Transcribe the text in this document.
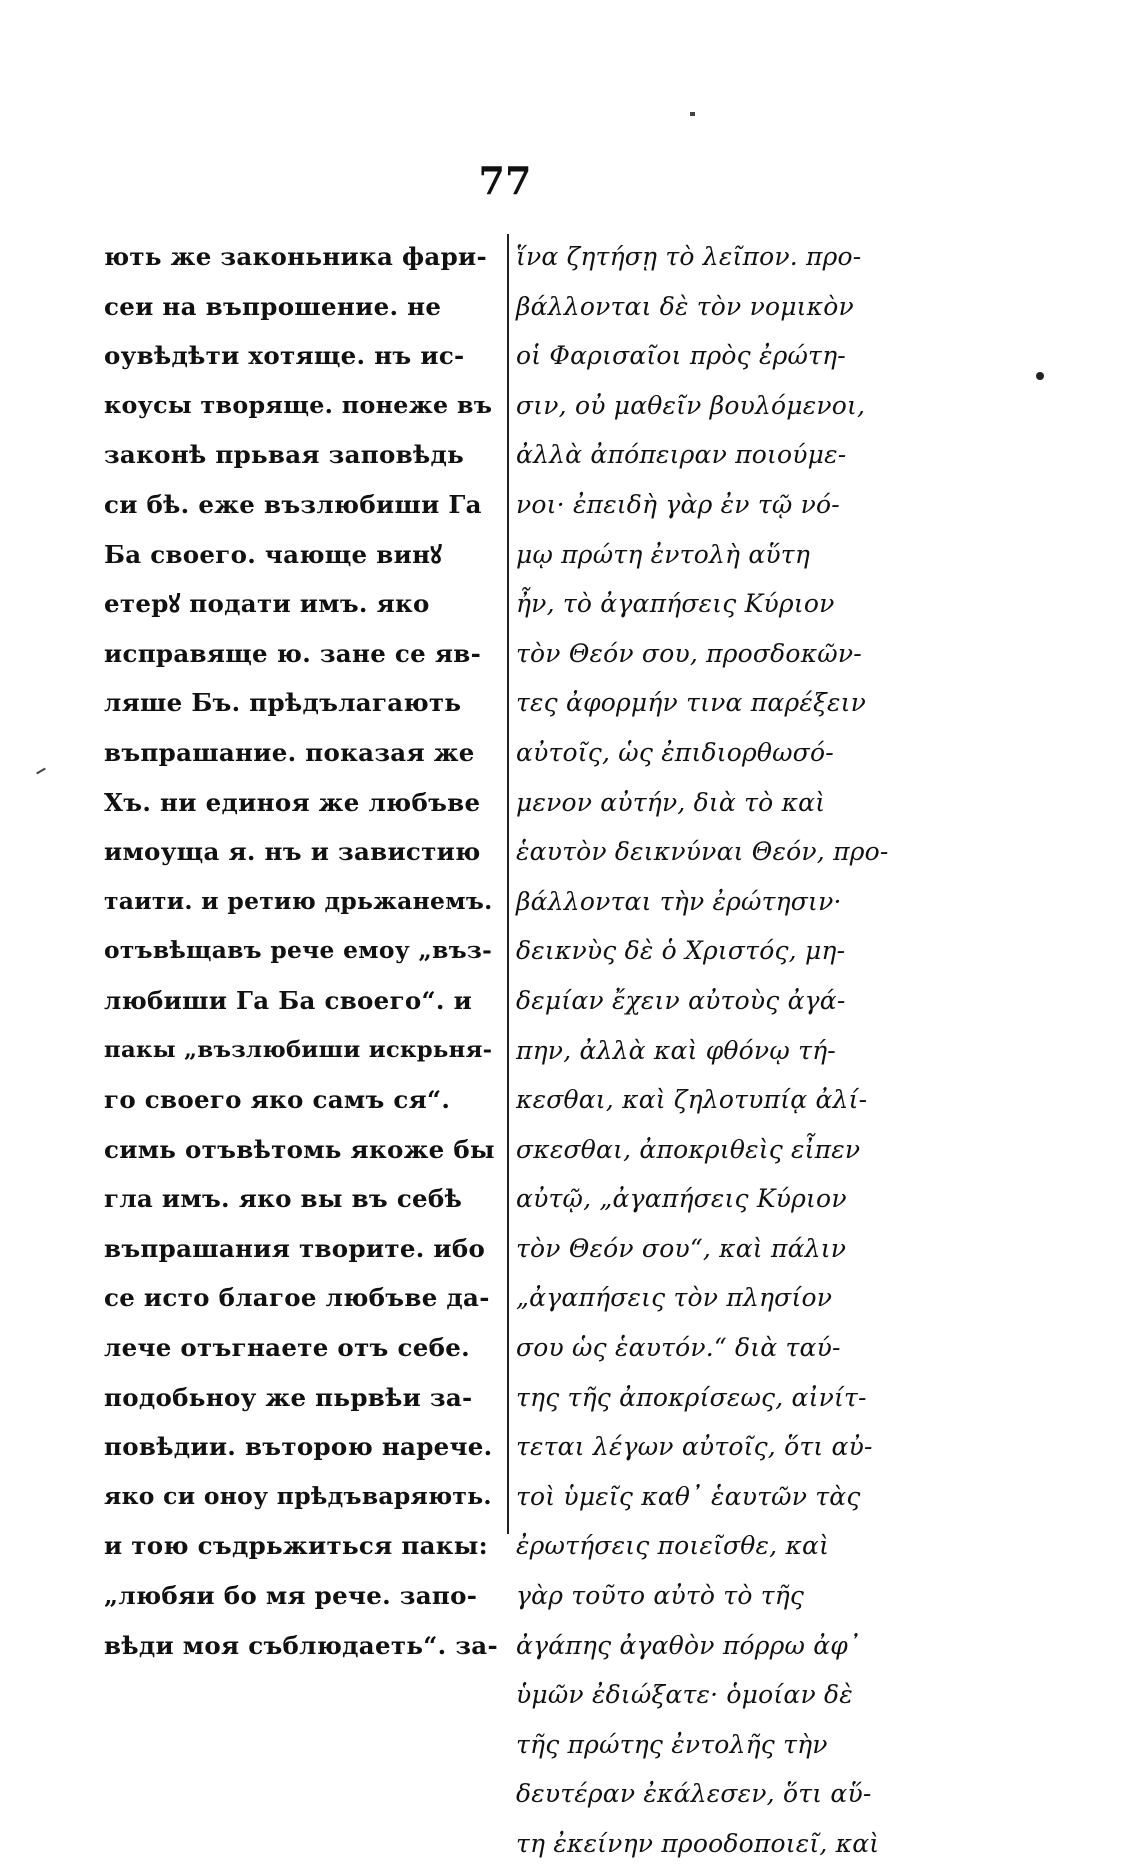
77
ють же законьника фари-
сеи на въпрошение. не
оувѣдѣти хотяще. нъ ис-
коусы творяще. понеже въ
законѣ прьвая заповѣдь
си бѣ. еже възлюбиши Га
Ба своего. чающе винꙋ
етерꙋ подати имъ. яко
исправяще ю. зане се яв-
ляше Бъ. прѣдълагають
въпрашание. показая же
Хъ. ни единоя же любъве
имоуща я. нъ и завистию
таити. и ретию дрьжанемъ.
отъвѣщавъ рече емоу „въз-
любиши Га Ба своего“. и
пакы „възлюбиши искрьня-
го своего яко самъ ся“.
симь отъвѣтомь якоже бы
гла имъ. яко вы въ себѣ
въпрашания творите. ибо
се исто благое любъве да-
лече отъгнаете отъ себе.
подобьноу же пьрвѣи за-
повѣдии. въторою нарече.
яко си оноу прѣдъваряють.
и тою съдрьжиться пакы:
„любяи бо мя рече. запо-
вѣди моя съблюдаеть“. за-
ἵνα ζητήσῃ τὸ λεῖπον. προ-
βάλλονται δὲ τὸν νομικὸν
οἱ Φαρισαῖοι πρὸς ἐρώτη-
σιν, οὐ μαθεῖν βουλόμενοι,
ἀλλὰ ἀπόπειραν ποιούμε-
νοι· ἐπειδὴ γὰρ ἐν τῷ νό-
μῳ πρώτη ἐντολὴ αὕτη
ἦν, τὸ ἀγαπήσεις Κύριον
τὸν Θεόν σου, προσδοκῶν-
τες ἀφορμήν τινα παρέξειν
αὐτοῖς, ὡς ἐπιδιορθωσό-
μενον αὐτήν, διὰ τὸ καὶ
ἑαυτὸν δεικνύναι Θεόν, προ-
βάλλονται τὴν ἐρώτησιν·
δεικνὺς δὲ ὁ Χριστός, μη-
δεμίαν ἔχειν αὐτοὺς ἀγά-
πην, ἀλλὰ καὶ φθόνῳ τή-
κεσθαι, καὶ ζηλοτυπίᾳ ἀλί-
σκεσθαι, ἀποκριθεὶς εἶπεν
αὐτῷ, „ἀγαπήσεις Κύριον
τὸν Θεόν σου“, καὶ πάλιν
„ἀγαπήσεις τὸν πλησίον
σου ὡς ἑαυτόν.“ διὰ ταύ-
της τῆς ἀποκρίσεως, αἰνίτ-
τεται λέγων αὐτοῖς, ὅτι αὐ-
τοὶ ὑμεῖς καθ᾽ ἑαυτῶν τὰς
ἐρωτήσεις ποιεῖσθε, καὶ
γὰρ τοῦτο αὐτὸ τὸ τῆς
ἀγάπης ἀγαθὸν πόρρω ἀφ᾽
ὑμῶν ἐδιώξατε· ὁμοίαν δὲ
τῆς πρώτης ἐντολῆς τὴν
δευτέραν ἐκάλεσεν, ὅτι αὕ-
τη ἐκείνην προοδοποιεῖ, καὶ
